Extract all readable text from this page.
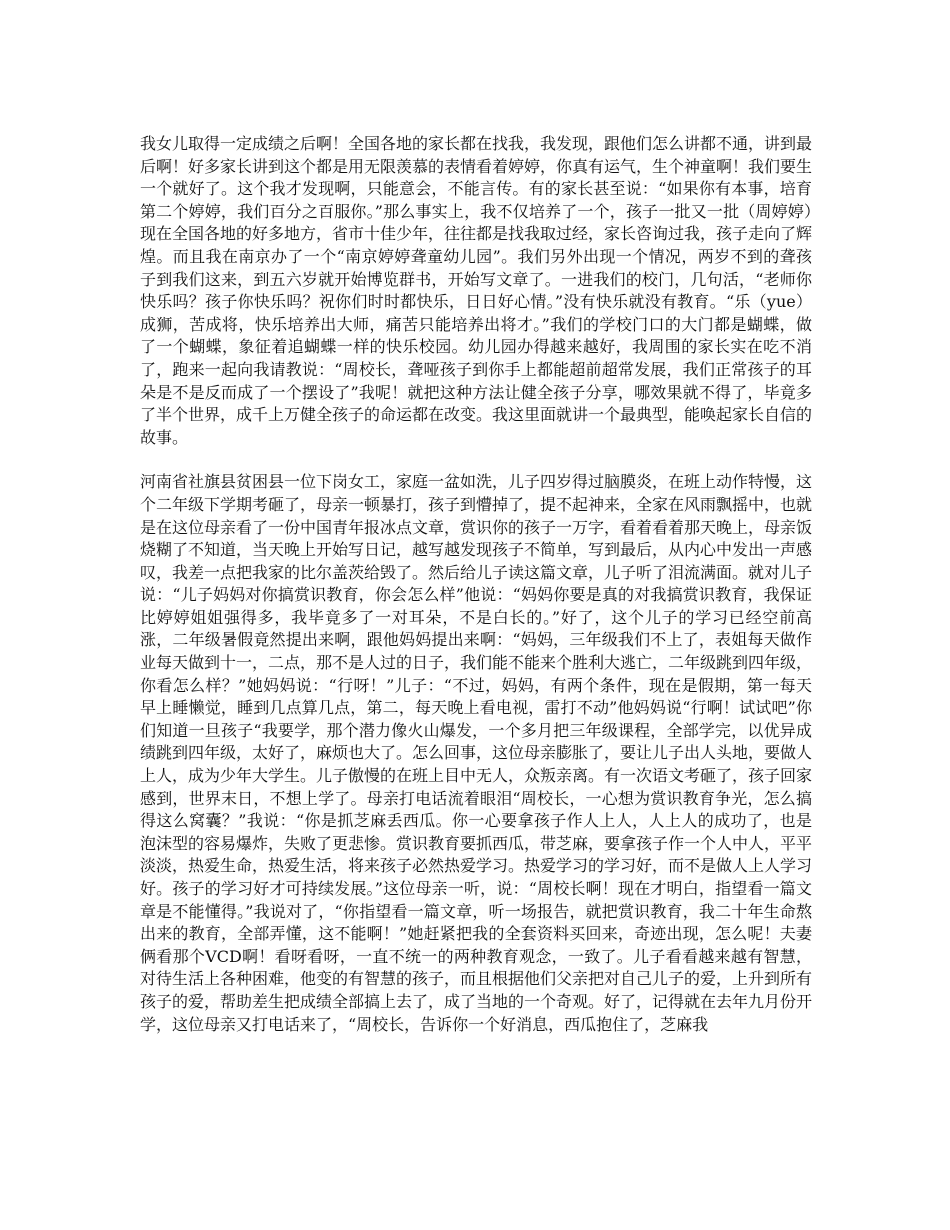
我女儿取得一定成绩之后啊！全国各地的家长都在找我，我发现，跟他们怎么讲都不通，讲到最后啊！好多家长讲到这个都是用无限羡慕的表情看着婷婷，你真有运气，生个神童啊！我们要生一个就好了。这个我才发现啊，只能意会，不能言传。有的家长甚至说：“如果你有本事，培育第二个婷婷，我们百分之百服你。”那么事实上，我不仅培养了一个，孩子一批又一批（周婷婷）现在全国各地的好多地方，省市十佳少年，往往都是找我取过经，家长咨询过我，孩子走向了辉煌。而且我在南京办了一个“南京婷婷聋童幼儿园”。我们另外出现一个情况，两岁不到的聋孩子到我们这来，到五六岁就开始博览群书，开始写文章了。一进我们的校门，几句活，“老师你快乐吗？孩子你快乐吗？祝你们时时都快乐，日日好心情。”没有快乐就没有教育。“乐（yue）成狮，苦成将，快乐培养出大师，痛苦只能培养出将才。”我们的学校门口的大门都是蝴蝶，做了一个蝴蝶，象征着追蝴蝶一样的快乐校园。幼儿园办得越来越好，我周围的家长实在吃不消了，跑来一起向我请教说：“周校长，聋哑孩子到你手上都能超前超常发展，我们正常孩子的耳朵是不是反而成了一个摆设了”我呢！就把这种方法让健全孩子分享，哪效果就不得了，毕竟多了半个世界，成千上万健全孩子的命运都在改变。我这里面就讲一个最典型，能唤起家长自信的故事。

河南省社旗县贫困县一位下岗女工，家庭一盆如洗，儿子四岁得过脑膜炎，在班上动作特慢，这个二年级下学期考砸了，母亲一顿暴打，孩子到懵掉了，提不起神来，全家在风雨飘摇中，也就是在这位母亲看了一份中国青年报冰点文章，赏识你的孩子一万字，看着看着那天晚上，母亲饭烧糊了不知道，当天晚上开始写日记，越写越发现孩子不简单，写到最后，从内心中发出一声感叹，我差一点把我家的比尔盖茨给毁了。然后给儿子读这篇文章，儿子听了泪流满面。就对儿子说：“儿子妈妈对你搞赏识教育，你会怎么样”他说：“妈妈你要是真的对我搞赏识教育，我保证比婷婷姐姐强得多，我毕竟多了一对耳朵，不是白长的。”好了，这个儿子的学习已经空前高涨，二年级暑假竟然提出来啊，跟他妈妈提出来啊：“妈妈，三年级我们不上了，表姐每天做作业每天做到十一，二点，那不是人过的日子，我们能不能来个胜利大逃亡，二年级跳到四年级，你看怎么样？”她妈妈说：“行呀！”儿子：“不过，妈妈，有两个条件，现在是假期，第一每天早上睡懒觉，睡到几点算几点，第二，每天晚上看电视，雷打不动”他妈妈说“行啊！试试吧”你们知道一旦孩子“我要学，那个潜力像火山爆发，一个多月把三年级课程，全部学完，以优异成绩跳到四年级，太好了，麻烦也大了。怎么回事，这位母亲膨胀了，要让儿子出人头地，要做人上人，成为少年大学生。儿子傲慢的在班上目中无人，众叛亲离。有一次语文考砸了，孩子回家感到，世界末日，不想上学了。母亲打电话流着眼泪“周校长，一心想为赏识教育争光，怎么搞得这么窝囊？”我说：“你是抓芝麻丢西瓜。你一心要拿孩子作人上人，人上人的成功了，也是泡沫型的容易爆炸，失败了更悲惨。赏识教育要抓西瓜，带芝麻，要拿孩子作一个人中人，平平淡淡，热爱生命，热爱生活，将来孩子必然热爱学习。热爱学习的学习好，而不是做人上人学习好。孩子的学习好才可持续发展。”这位母亲一听，说：“周校长啊！现在才明白，指望看一篇文章是不能懂得。”我说对了，“你指望看一篇文章，听一场报告，就把赏识教育，我二十年生命熬出来的教育，全部弄懂，这不能啊！”她赶紧把我的全套资料买回来，奇迹出现，怎么呢！夫妻俩看那个VCD啊！看呀看呀，一直不统一的两种教育观念，一致了。儿子看看越来越有智慧，对待生活上各种困难，他变的有智慧的孩子，而且根据他们父亲把对自己儿子的爱，上升到所有孩子的爱，帮助差生把成绩全部搞上去了，成了当地的一个奇观。好了，记得就在去年九月份开学，这位母亲又打电话来了，“周校长，告诉你一个好消息，西瓜抱住了，芝麻我
